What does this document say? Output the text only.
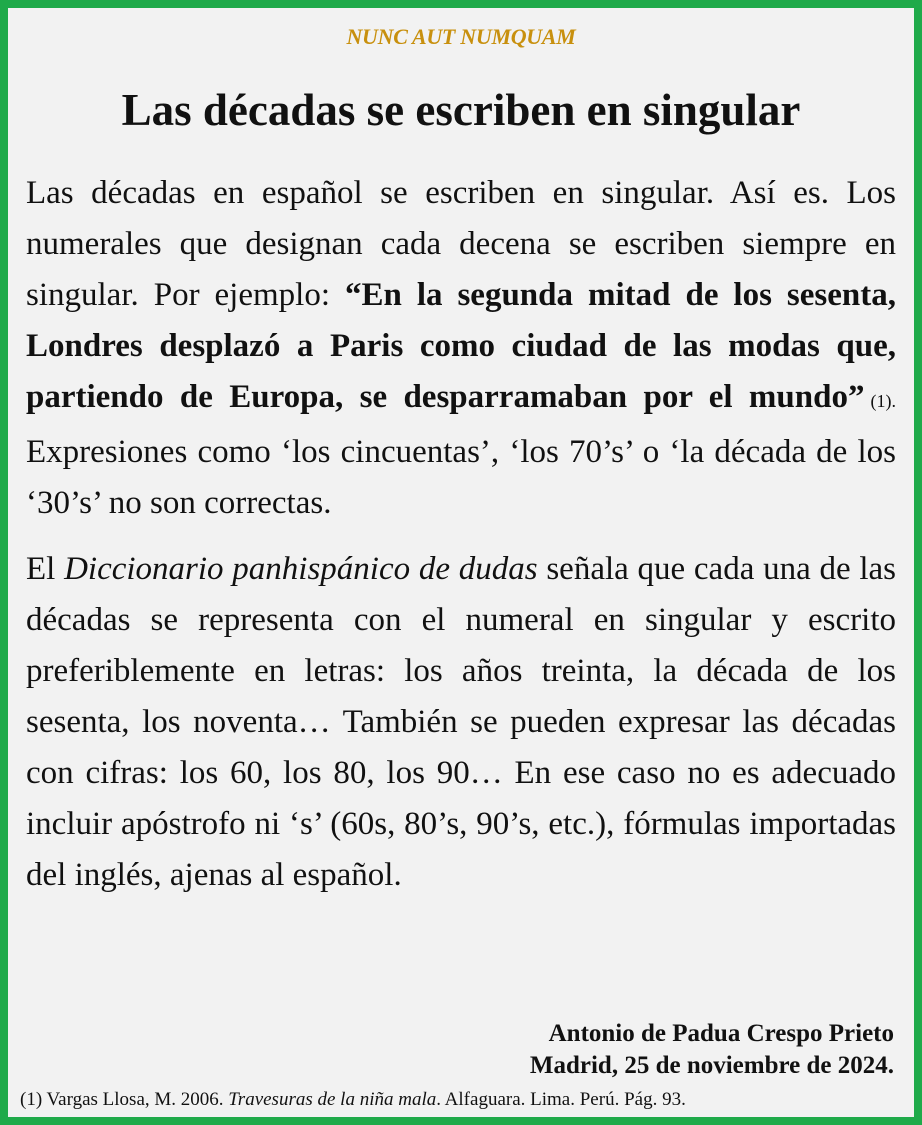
NUNC AUT NUMQUAM
Las décadas se escriben en singular

Las décadas en español se escriben en singular. Así es. Los numerales que designan cada decena se escriben siempre en singular. Por ejemplo: “En la segunda mitad de los sesenta, Londres desplazó a Paris como ciudad de las modas que, partiendo de Europa, se desparramaban por el mundo” (1). Expresiones como ‘los cincuentas’, ‘los 70’s’ o ‘la década de los ‘30’s’ no son correctas.

El Diccionario panhispánico de dudas señala que cada una de las décadas se representa con el numeral en singular y escrito preferiblemente en letras: los años treinta, la década de los sesenta, los noventa… También se pueden expresar las décadas con cifras: los 60, los 80, los 90… En ese caso no es adecuado incluir apóstrofo ni ‘s’ (60s, 80’s, 90’s, etc.), fórmulas importadas del inglés, ajenas al español.

Antonio de Padua Crespo Prieto
Madrid, 25 de noviembre de 2024.
(1) Vargas Llosa, M. 2006. Travesuras de la niña mala. Alfaguara. Lima. Perú. Pág. 93.
